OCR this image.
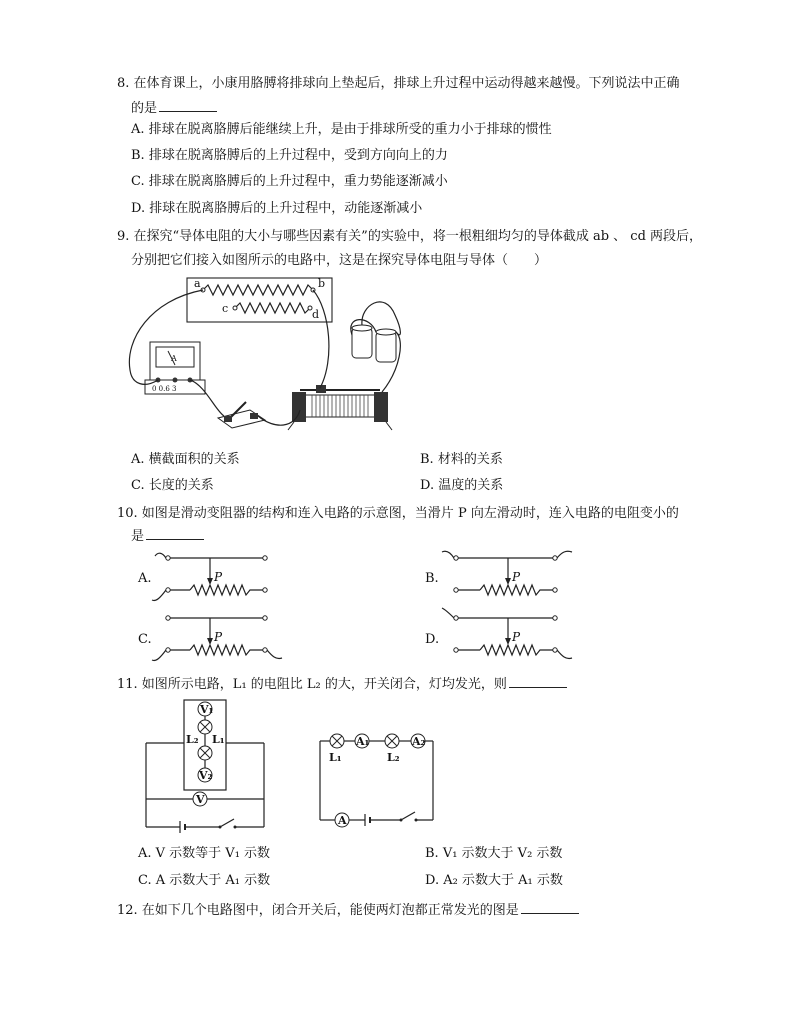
8. 在体育课上，小康用胳膊将排球向上垫起后，排球上升过程中运动得越来越慢。下列说法中正确
的是
A. 排球在脱离胳膊后能继续上升，是由于排球所受的重力小于排球的惯性
B. 排球在脱离胳膊后的上升过程中，受到方向向上的力
C. 排球在脱离胳膊后的上升过程中，重力势能逐渐减小
D. 排球在脱离胳膊后的上升过程中，动能逐渐减小
9. 在探究“导体电阻的大小与哪些因素有关”的实验中，将一根粗细均匀的导体截成 ab 、 cd 两段后，
分别把它们接入如图所示的电路中，这是在探究导体电阻与导体（　　）
a	b
c	d
A
0 0.6 3
A. 横截面积的关系	B. 材料的关系
C. 长度的关系	D. 温度的关系
10. 如图是滑动变阻器的结构和连入电路的示意图，当滑片 P 向左滑动时，连入电路的电阻变小的
是
A.	P	B.	P
C.	P	D.	P
11. 如图所示电路，L₁ 的电阻比 L₂ 的大，开关闭合，灯均发光，则
V₁
L₂ L₁
V₂
V
A₁	A₂
L₁	L₂
A
A. V 示数等于 V₁ 示数	B. V₁ 示数大于 V₂ 示数
C. A 示数大于 A₁ 示数	D. A₂ 示数大于 A₁ 示数
12. 在如下几个电路图中，闭合开关后，能使两灯泡都正常发光的图是
